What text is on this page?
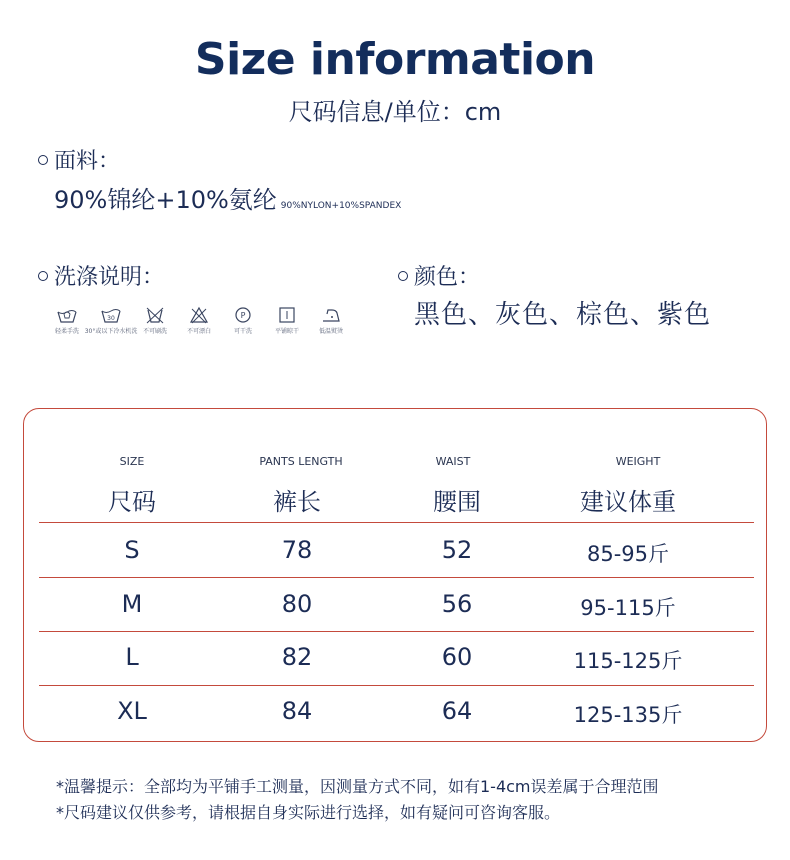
Size information
尺码信息/单位：cm
面料：
90%锦纶+10%氨纶 90%NYLON+10%SPANDEX
洗涤说明：
轻柔手洗
30
30°或以下冷水机洗 不可刷洗	不可漂白
P
可干洗	平铺晾干	低温熨烫
颜色：
黑色、灰色、棕色、紫色
SIZE	PANTS LENGTH	WAIST	WEIGHT
尺码	裤长	腰围	建议体重
S	78	52	85-95斤
M	80	56	95-115斤
L	82	60	115-125斤
XL	84	64	125-135斤
*温馨提示：全部均为平铺手工测量，因测量方式不同，如有1-4cm误差属于合理范围
*尺码建议仅供参考，请根据自身实际进行选择，如有疑问可咨询客服。
